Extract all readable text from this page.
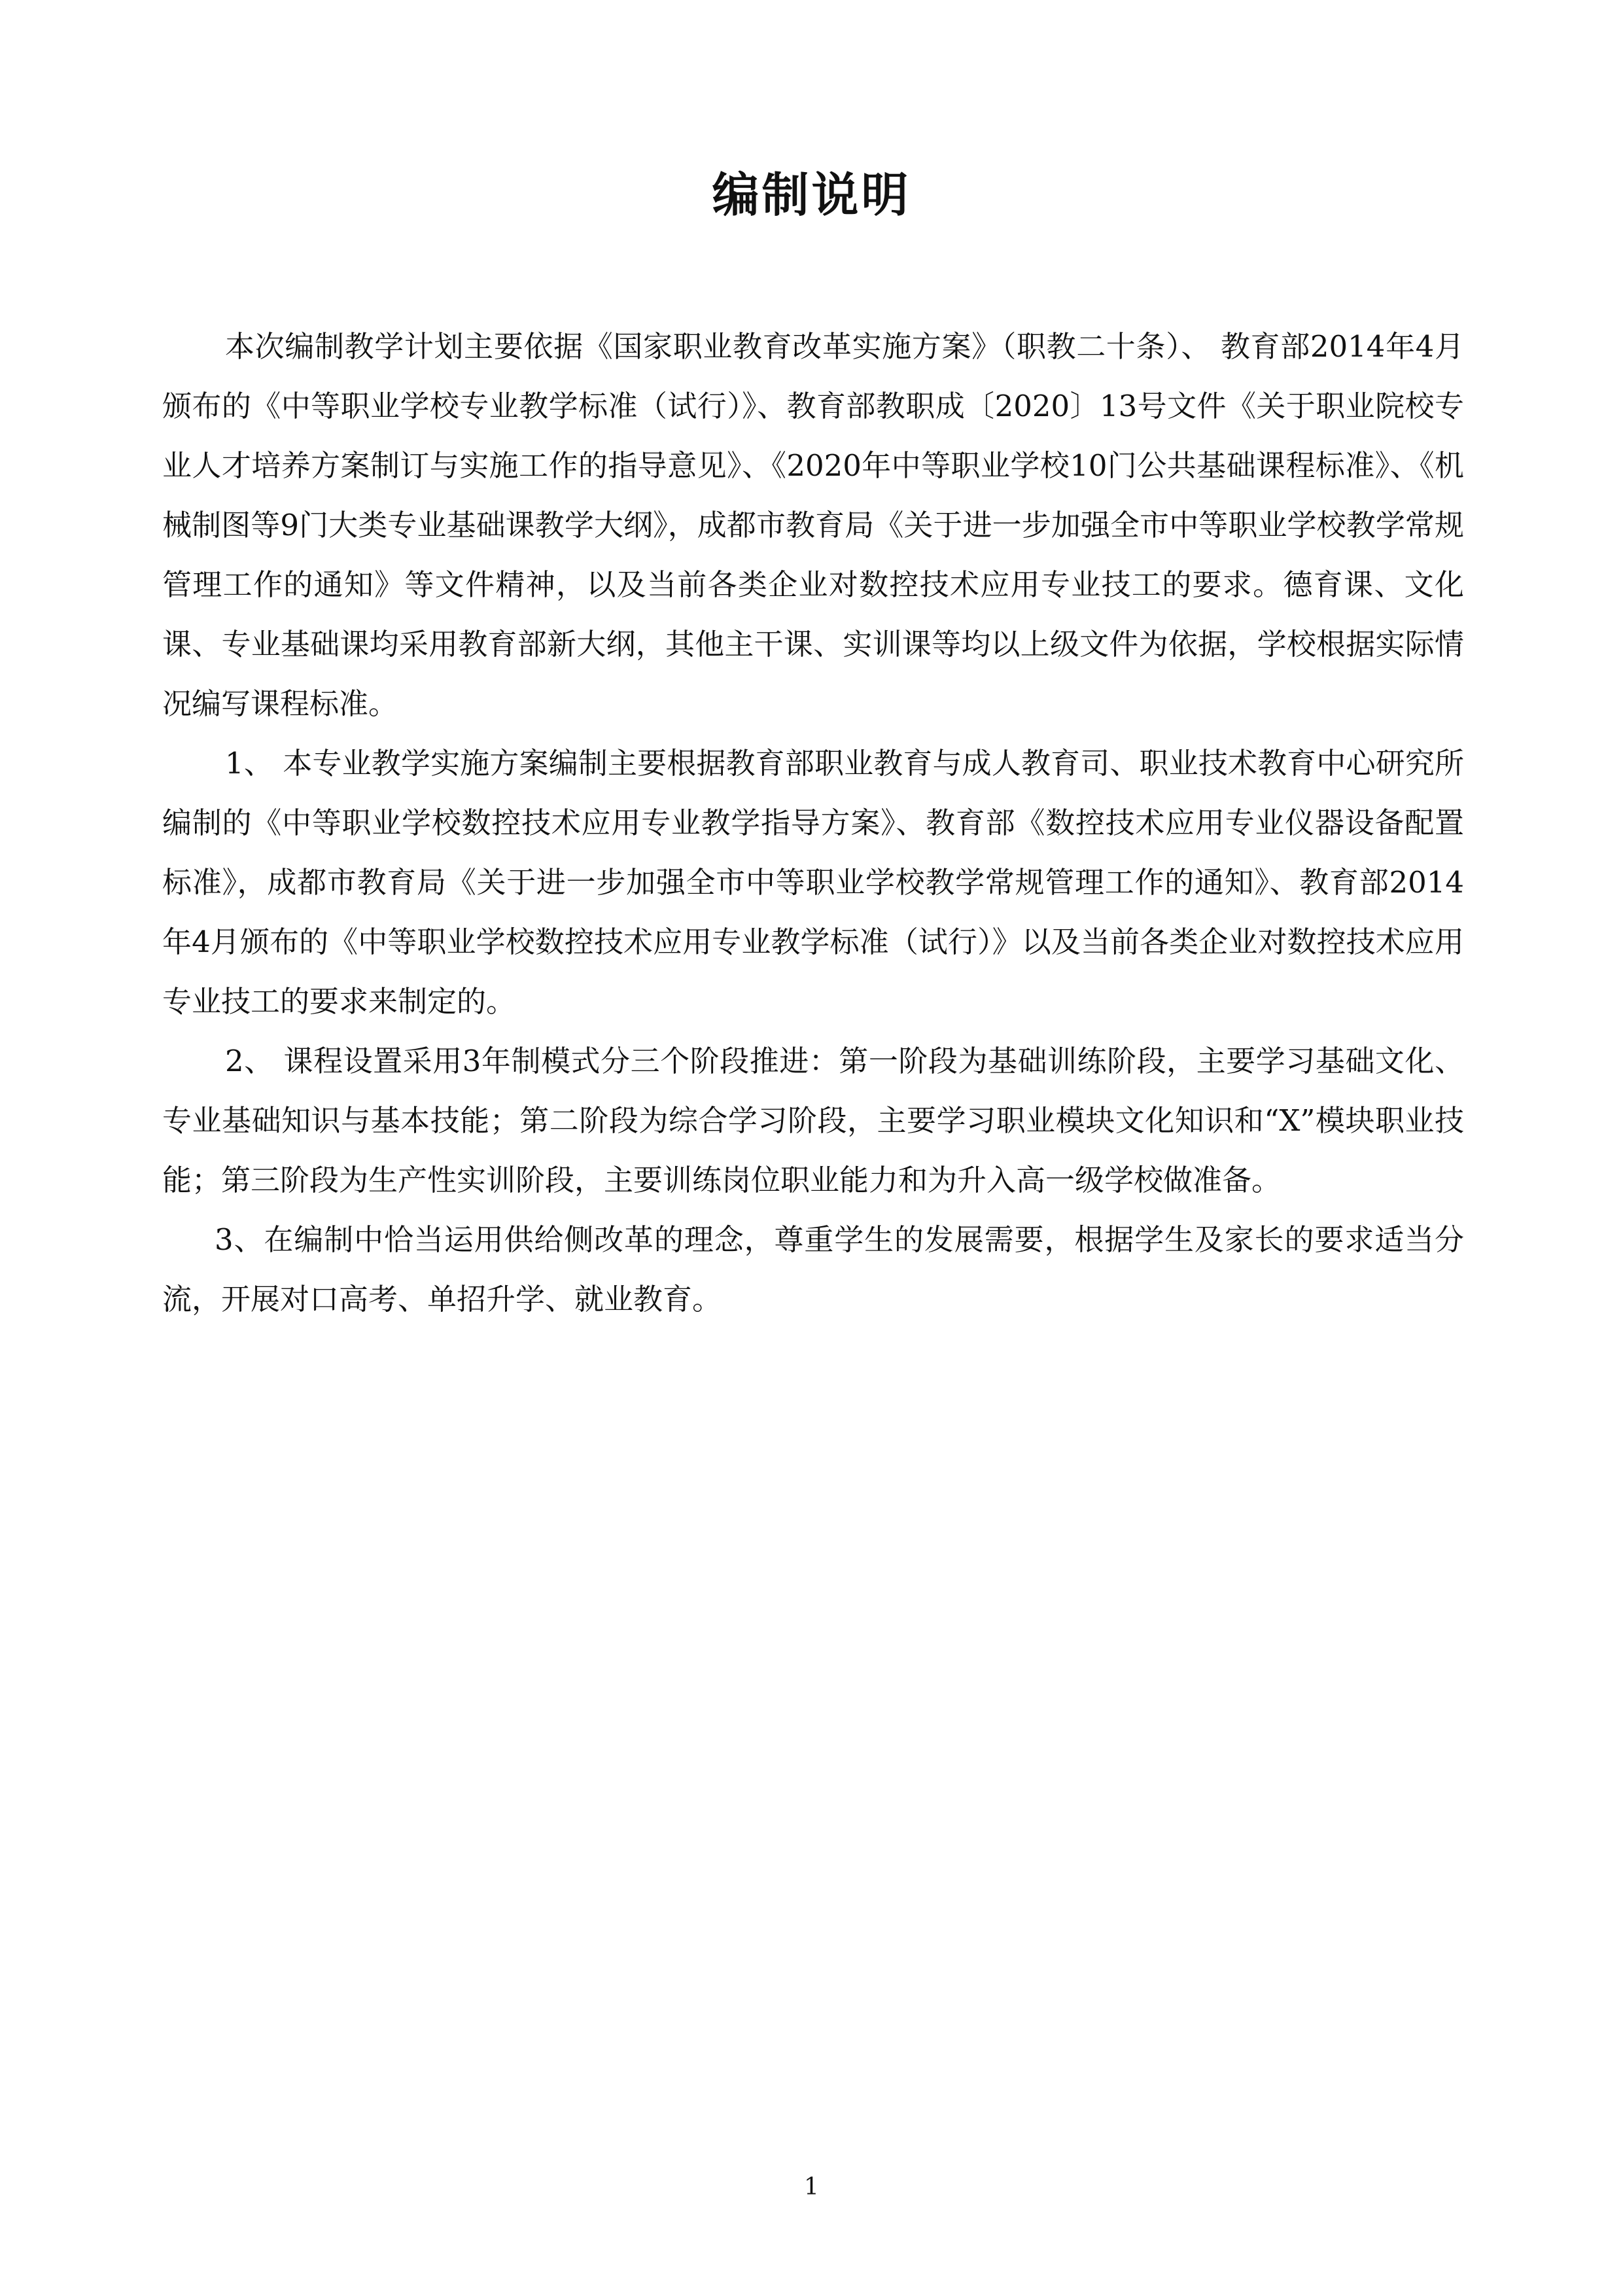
编制说明

本次编制教学计划主要依据《国家职业教育改革实施方案》（职教二十条）、 教育部2014年4月颁布的《中等职业学校专业教学标准（试行）》、教育部教职成〔2020〕13号文件《关于职业院校专业人才培养方案制订与实施工作的指导意见》、《2020年中等职业学校10门公共基础课程标准》、《机械制图等9门大类专业基础课教学大纲》，成都市教育局《关于进一步加强全市中等职业学校教学常规管理工作的通知》等文件精神，以及当前各类企业对数控技术应用专业技工的要求。德育课、文化课、专业基础课均采用教育部新大纲，其他主干课、实训课等均以上级文件为依据，学校根据实际情况编写课程标准。

1、 本专业教学实施方案编制主要根据教育部职业教育与成人教育司、职业技术教育中心研究所编制的《中等职业学校数控技术应用专业教学指导方案》、教育部《数控技术应用专业仪器设备配置标准》，成都市教育局《关于进一步加强全市中等职业学校教学常规管理工作的通知》、教育部2014年4月颁布的《中等职业学校数控技术应用专业教学标准（试行）》以及当前各类企业对数控技术应用专业技工的要求来制定的。

2、 课程设置采用3年制模式分三个阶段推进：第一阶段为基础训练阶段，主要学习基础文化、专业基础知识与基本技能；第二阶段为综合学习阶段，主要学习职业模块文化知识和“X”模块职业技能；第三阶段为生产性实训阶段，主要训练岗位职业能力和为升入高一级学校做准备。

3、在编制中恰当运用供给侧改革的理念，尊重学生的发展需要，根据学生及家长的要求适当分流，开展对口高考、单招升学、就业教育。

1
